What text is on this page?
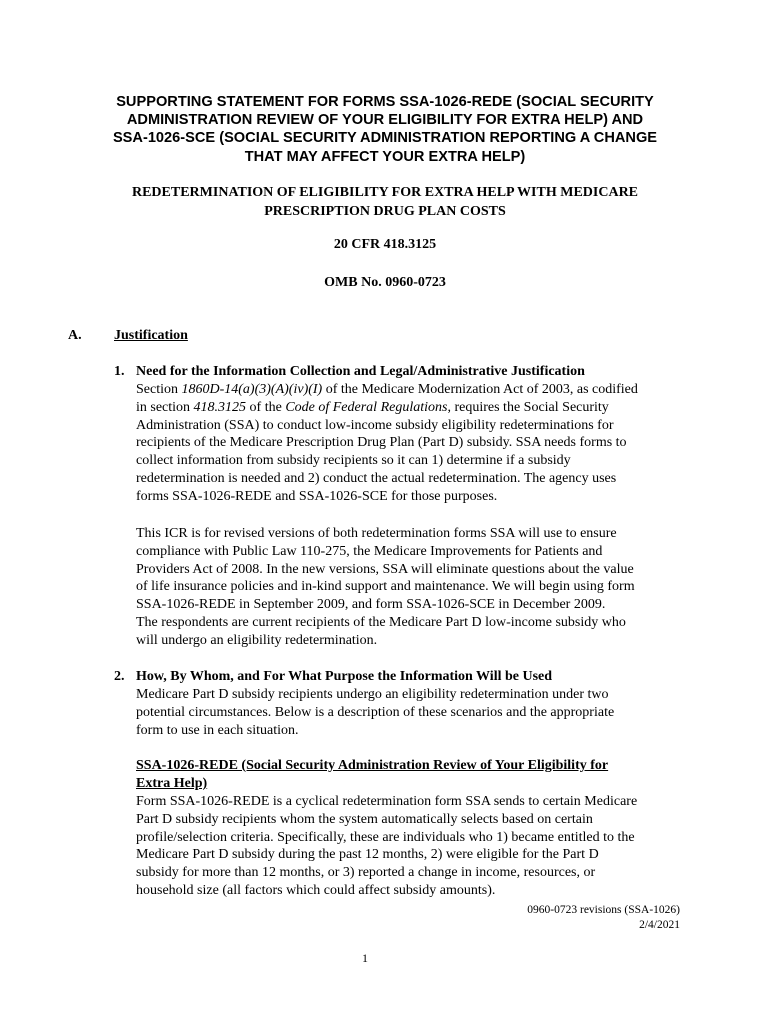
SUPPORTING STATEMENT FOR FORMS SSA-1026-REDE (SOCIAL SECURITY
ADMINISTRATION REVIEW OF YOUR ELIGIBILITY FOR EXTRA HELP) AND
SSA-1026-SCE (SOCIAL SECURITY ADMINISTRATION REPORTING A CHANGE
THAT MAY AFFECT YOUR EXTRA HELP)
REDETERMINATION OF ELIGIBILITY FOR EXTRA HELP WITH MEDICARE
PRESCRIPTION DRUG PLAN COSTS
20 CFR 418.3125
OMB No. 0960-0723
A. Justification
1. Need for the Information Collection and Legal/Administrative Justification
Section 1860D-14(a)(3)(A)(iv)(I) of the Medicare Modernization Act of 2003, as codified
in section 418.3125 of the Code of Federal Regulations, requires the Social Security
Administration (SSA) to conduct low-income subsidy eligibility redeterminations for
recipients of the Medicare Prescription Drug Plan (Part D) subsidy. SSA needs forms to
collect information from subsidy recipients so it can 1) determine if a subsidy
redetermination is needed and 2) conduct the actual redetermination. The agency uses
forms SSA-1026-REDE and SSA-1026-SCE for those purposes.
This ICR is for revised versions of both redetermination forms SSA will use to ensure
compliance with Public Law 110-275, the Medicare Improvements for Patients and
Providers Act of 2008. In the new versions, SSA will eliminate questions about the value
of life insurance policies and in-kind support and maintenance. We will begin using form
SSA-1026-REDE in September 2009, and form SSA-1026-SCE in December 2009.
The respondents are current recipients of the Medicare Part D low-income subsidy who
will undergo an eligibility redetermination.
2. How, By Whom, and For What Purpose the Information Will be Used
Medicare Part D subsidy recipients undergo an eligibility redetermination under two
potential circumstances. Below is a description of these scenarios and the appropriate
form to use in each situation.
SSA-1026-REDE (Social Security Administration Review of Your Eligibility for
Extra Help)
Form SSA-1026-REDE is a cyclical redetermination form SSA sends to certain Medicare
Part D subsidy recipients whom the system automatically selects based on certain
profile/selection criteria. Specifically, these are individuals who 1) became entitled to the
Medicare Part D subsidy during the past 12 months, 2) were eligible for the Part D
subsidy for more than 12 months, or 3) reported a change in income, resources, or
household size (all factors which could affect subsidy amounts).
0960-0723 revisions (SSA-1026)
2/4/2021
1
